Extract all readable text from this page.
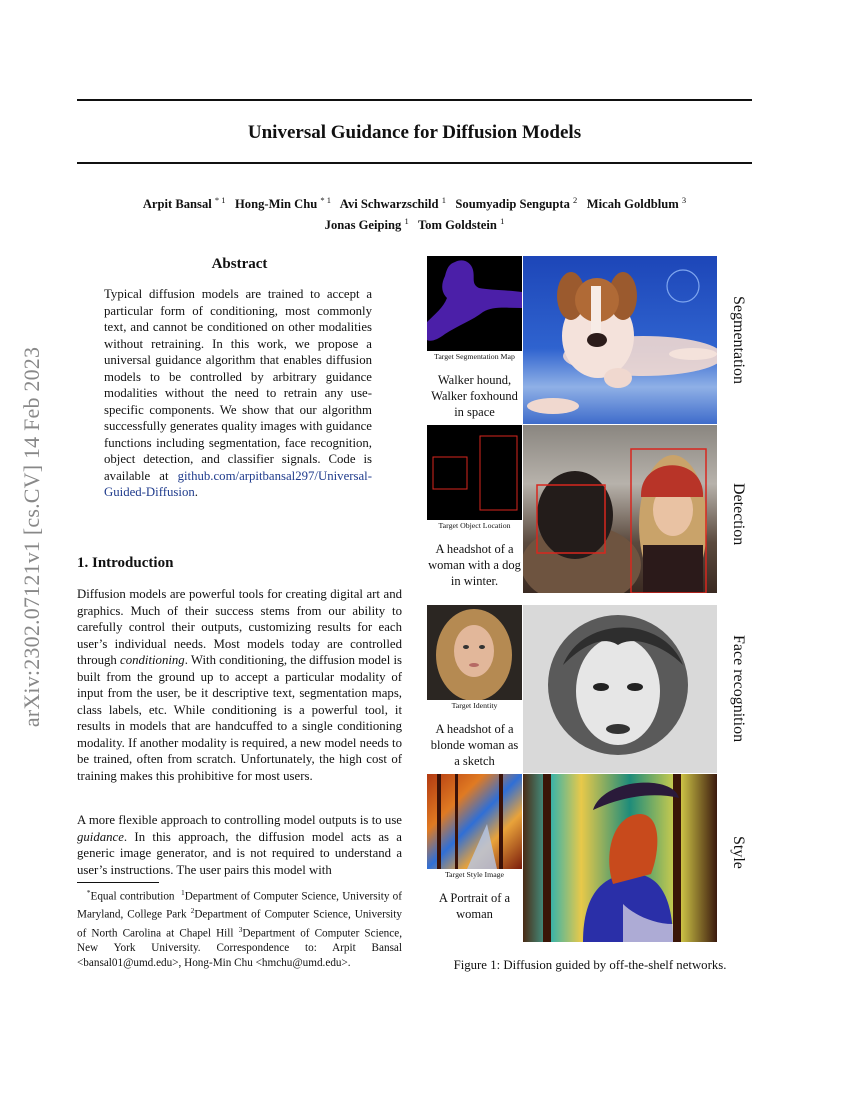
arXiv:2302.07121v1 [cs.CV] 14 Feb 2023
Universal Guidance for Diffusion Models
Arpit Bansal $^{* 1}$ Hong-Min Chu $^{* 1}$ Avi Schwarzschild $^1$ Soumyadip Sengupta $^2$ Micah Goldblum $^3$
Jonas Geiping $^1$ Tom Goldstein $^1$
Abstract
Typical diffusion models are trained to accept a particular form of conditioning, most commonly text, and cannot be conditioned on other modalities without retraining. In this work, we propose a universal guidance algorithm that enables diffusion models to be controlled by arbitrary guidance modalities without the need to retrain any use-specific components. We show that our algorithm successfully generates quality images with guidance functions including segmentation, face recognition, object detection, and classifier signals. Code is available at github.com/arpitbansal297/Universal-Guided-Diffusion.
1. Introduction
Diffusion models are powerful tools for creating digital art and graphics. Much of their success stems from our ability to carefully control their outputs, customizing results for each user’s individual needs. Most models today are controlled through conditioning. With conditioning, the diffusion model is built from the ground up to accept a particular modality of input from the user, be it descriptive text, segmentation maps, class labels, etc. While conditioning is a powerful tool, it results in models that are handcuffed to a single conditioning modality. If another modality is required, a new model needs to be trained, often from scratch. Unfortunately, the high cost of training makes this prohibitive for most users.
A more flexible approach to controlling model outputs is to use guidance. In this approach, the diffusion model acts as a generic image generator, and is not required to understand a user’s instructions. The user pairs this model with
*Equal contribution  $^1$Department of Computer Science, University of Maryland, College Park $^2$Department of Computer Science, University of North Carolina at Chapel Hill $^3$Department of Computer Science, New York University. Correspondence to: Arpit Bansal <bansal01@umd.edu>, Hong-Min Chu <hmchu@umd.edu>.
Target Segmentation Map
Walker hound, Walker foxhound in space
Segmentation
Target Object Location
A headshot of a woman with a dog in winter.
Detection
Target Identity
A headshot of a blonde woman as a sketch
Face recognition
Target Style Image
A Portrait of a woman
Style
Figure 1: Diffusion guided by off-the-shelf networks.
